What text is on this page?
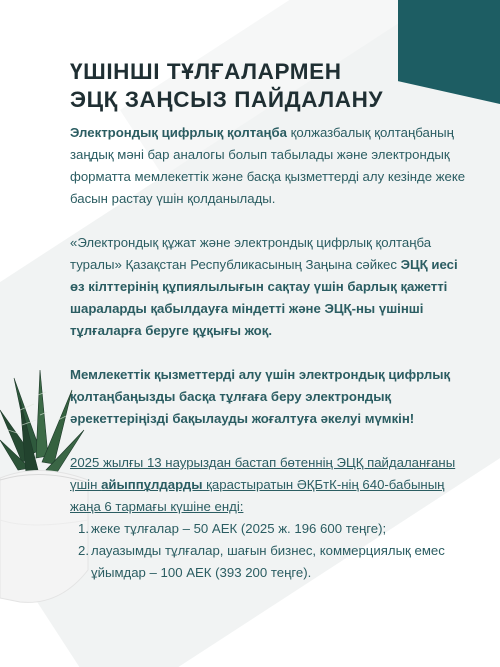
ҮШІНШІ ТҰЛҒАЛАРМЕН
ЭЦҚ ЗАҢСЫЗ ПАЙДАЛАНУ

Электрондық цифрлық қолтаңба қолжазбалық қолтаңбаның заңдық мәні бар аналогы болып табылады және электрондық форматта мемлекеттік және басқа қызметтерді алу кезінде жеке басын растау үшін қолданылады.

«Электрондық құжат және электрондық цифрлық қолтаңба туралы» Қазақстан Республикасының Заңына сәйкес ЭЦҚ иесі өз кілттерінің құпиялылығын сақтау үшін барлық қажетті шараларды қабылдауға міндетті және ЭЦҚ-ны үшінші тұлғаларға беруге құқығы жоқ.

Мемлекеттік қызметтерді алу үшін электрондық цифрлық қолтаңбаңызды басқа тұлғаға беру электрондық әрекеттеріңізді бақылауды жоғалтуға әкелуі мүмкін!

2025 жылғы 13 наурыздан бастап бөтеннің ЭЦҚ пайдаланғаны үшін айыппұлдарды қарастыратын ӘҚБтК-нің 640-бабының жаңа 6 тармағы күшіне енді:

1. жеке тұлғалар – 50 АЕК (2025 ж. 196 600 теңге);
2. лауазымды тұлғалар, шағын бизнес, коммерциялық емес ұйымдар – 100 АЕК (393 200 теңге).
